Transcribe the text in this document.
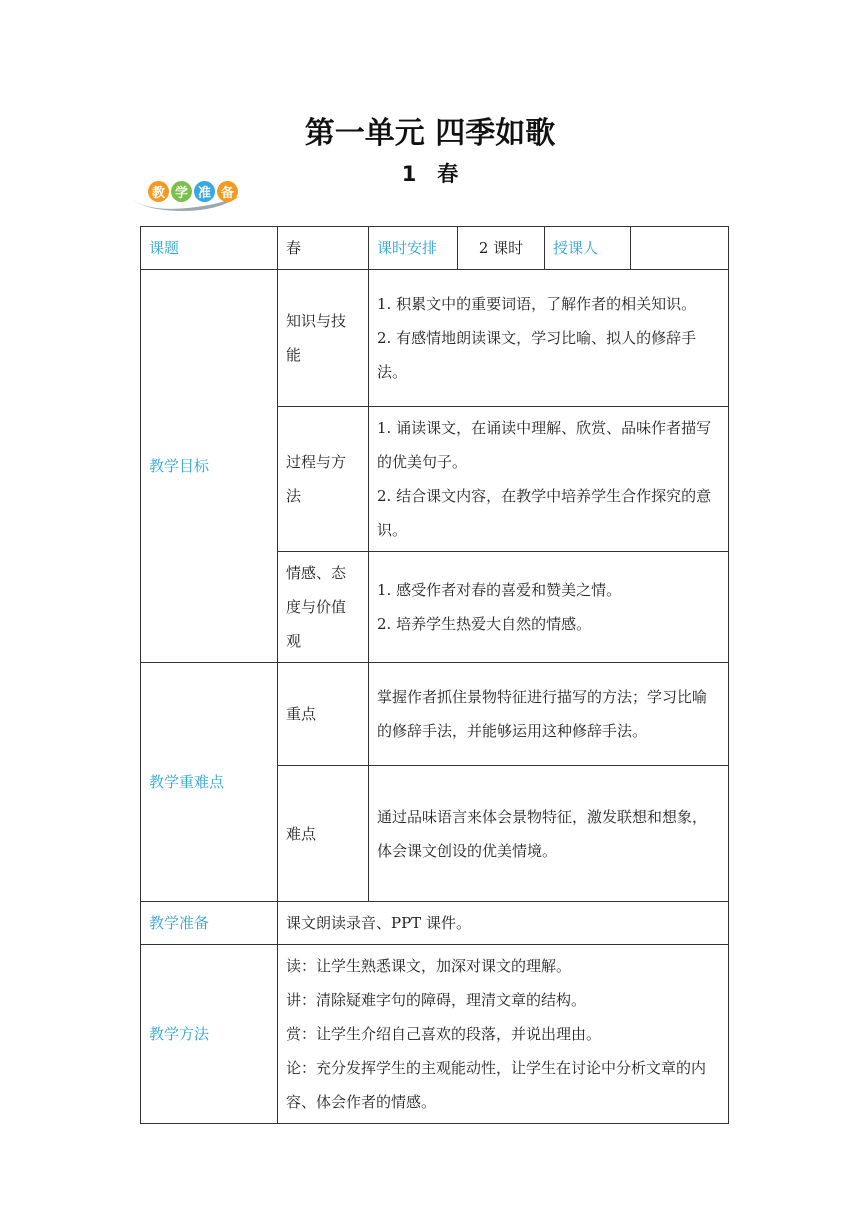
第一单元 四季如歌
1　春
教 学 准 备
课题	春	课时安排	2 课时	授课人	
教学目标	知识与技能	1. 积累文中的重要词语，了解作者的相关知识。
2. 有感情地朗读课文，学习比喻、拟人的修辞手法。			

	过程与方法	1. 诵读课文，在诵读中理解、欣赏、品味作者描写的优美句子。
2. 结合课文内容，在教学中培养学生合作探究的意识。			

	情感、态度与价值观	1. 感受作者对春的喜爱和赞美之情。
2. 培养学生热爱大自然的情感。			

教学重难点	重点	掌握作者抓住景物特征进行描写的方法；学习比喻的修辞手法，并能够运用这种修辞手法。			
	难点	通过品味语言来体会景物特征，激发联想和想象，体会课文创设的优美情境。			
教学准备	课文朗读录音、PPT 课件。				
教学方法	读：让学生熟悉课文，加深对课文的理解。
讲：清除疑难字句的障碍，理清文章的结构。
赏：让学生介绍自己喜欢的段落，并说出理由。
论：充分发挥学生的主观能动性，让学生在讨论中分析文章的内容、体会作者的情感。				
